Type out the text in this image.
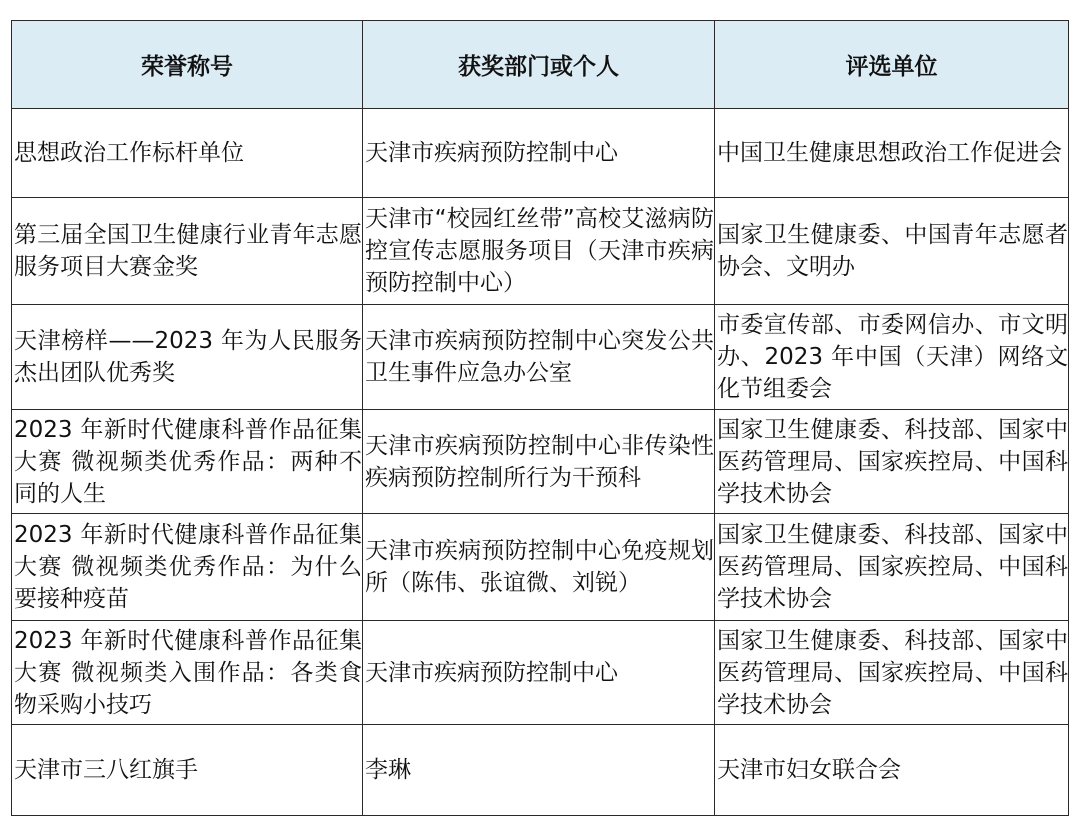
荣誉称号	获奖部门或个人	评选单位
思想政治工作标杆单位	天津市疾病预防控制中心	中国卫生健康思想政治工作促进会
第三届全国卫生健康行业青年志愿服务项目大赛金奖	天津市“校园红丝带”高校艾滋病防控宣传志愿服务项目（天津市疾病预防控制中心）	国家卫生健康委、中国青年志愿者协会、文明办
天津榜样——2023 年为人民服务杰出团队优秀奖	天津市疾病预防控制中心突发公共卫生事件应急办公室	市委宣传部、市委网信办、市文明办、2023 年中国（天津）网络文化节组委会
2023 年新时代健康科普作品征集大赛 微视频类优秀作品：两种不同的人生	天津市疾病预防控制中心非传染性疾病预防控制所行为干预科	国家卫生健康委、科技部、国家中医药管理局、国家疾控局、中国科学技术协会
2023 年新时代健康科普作品征集大赛 微视频类优秀作品：为什么要接种疫苗	天津市疾病预防控制中心免疫规划所（陈伟、张谊微、刘锐）	国家卫生健康委、科技部、国家中医药管理局、国家疾控局、中国科学技术协会
2023 年新时代健康科普作品征集大赛 微视频类入围作品：各类食物采购小技巧	天津市疾病预防控制中心	国家卫生健康委、科技部、国家中医药管理局、国家疾控局、中国科学技术协会
天津市三八红旗手	李琳	天津市妇女联合会
